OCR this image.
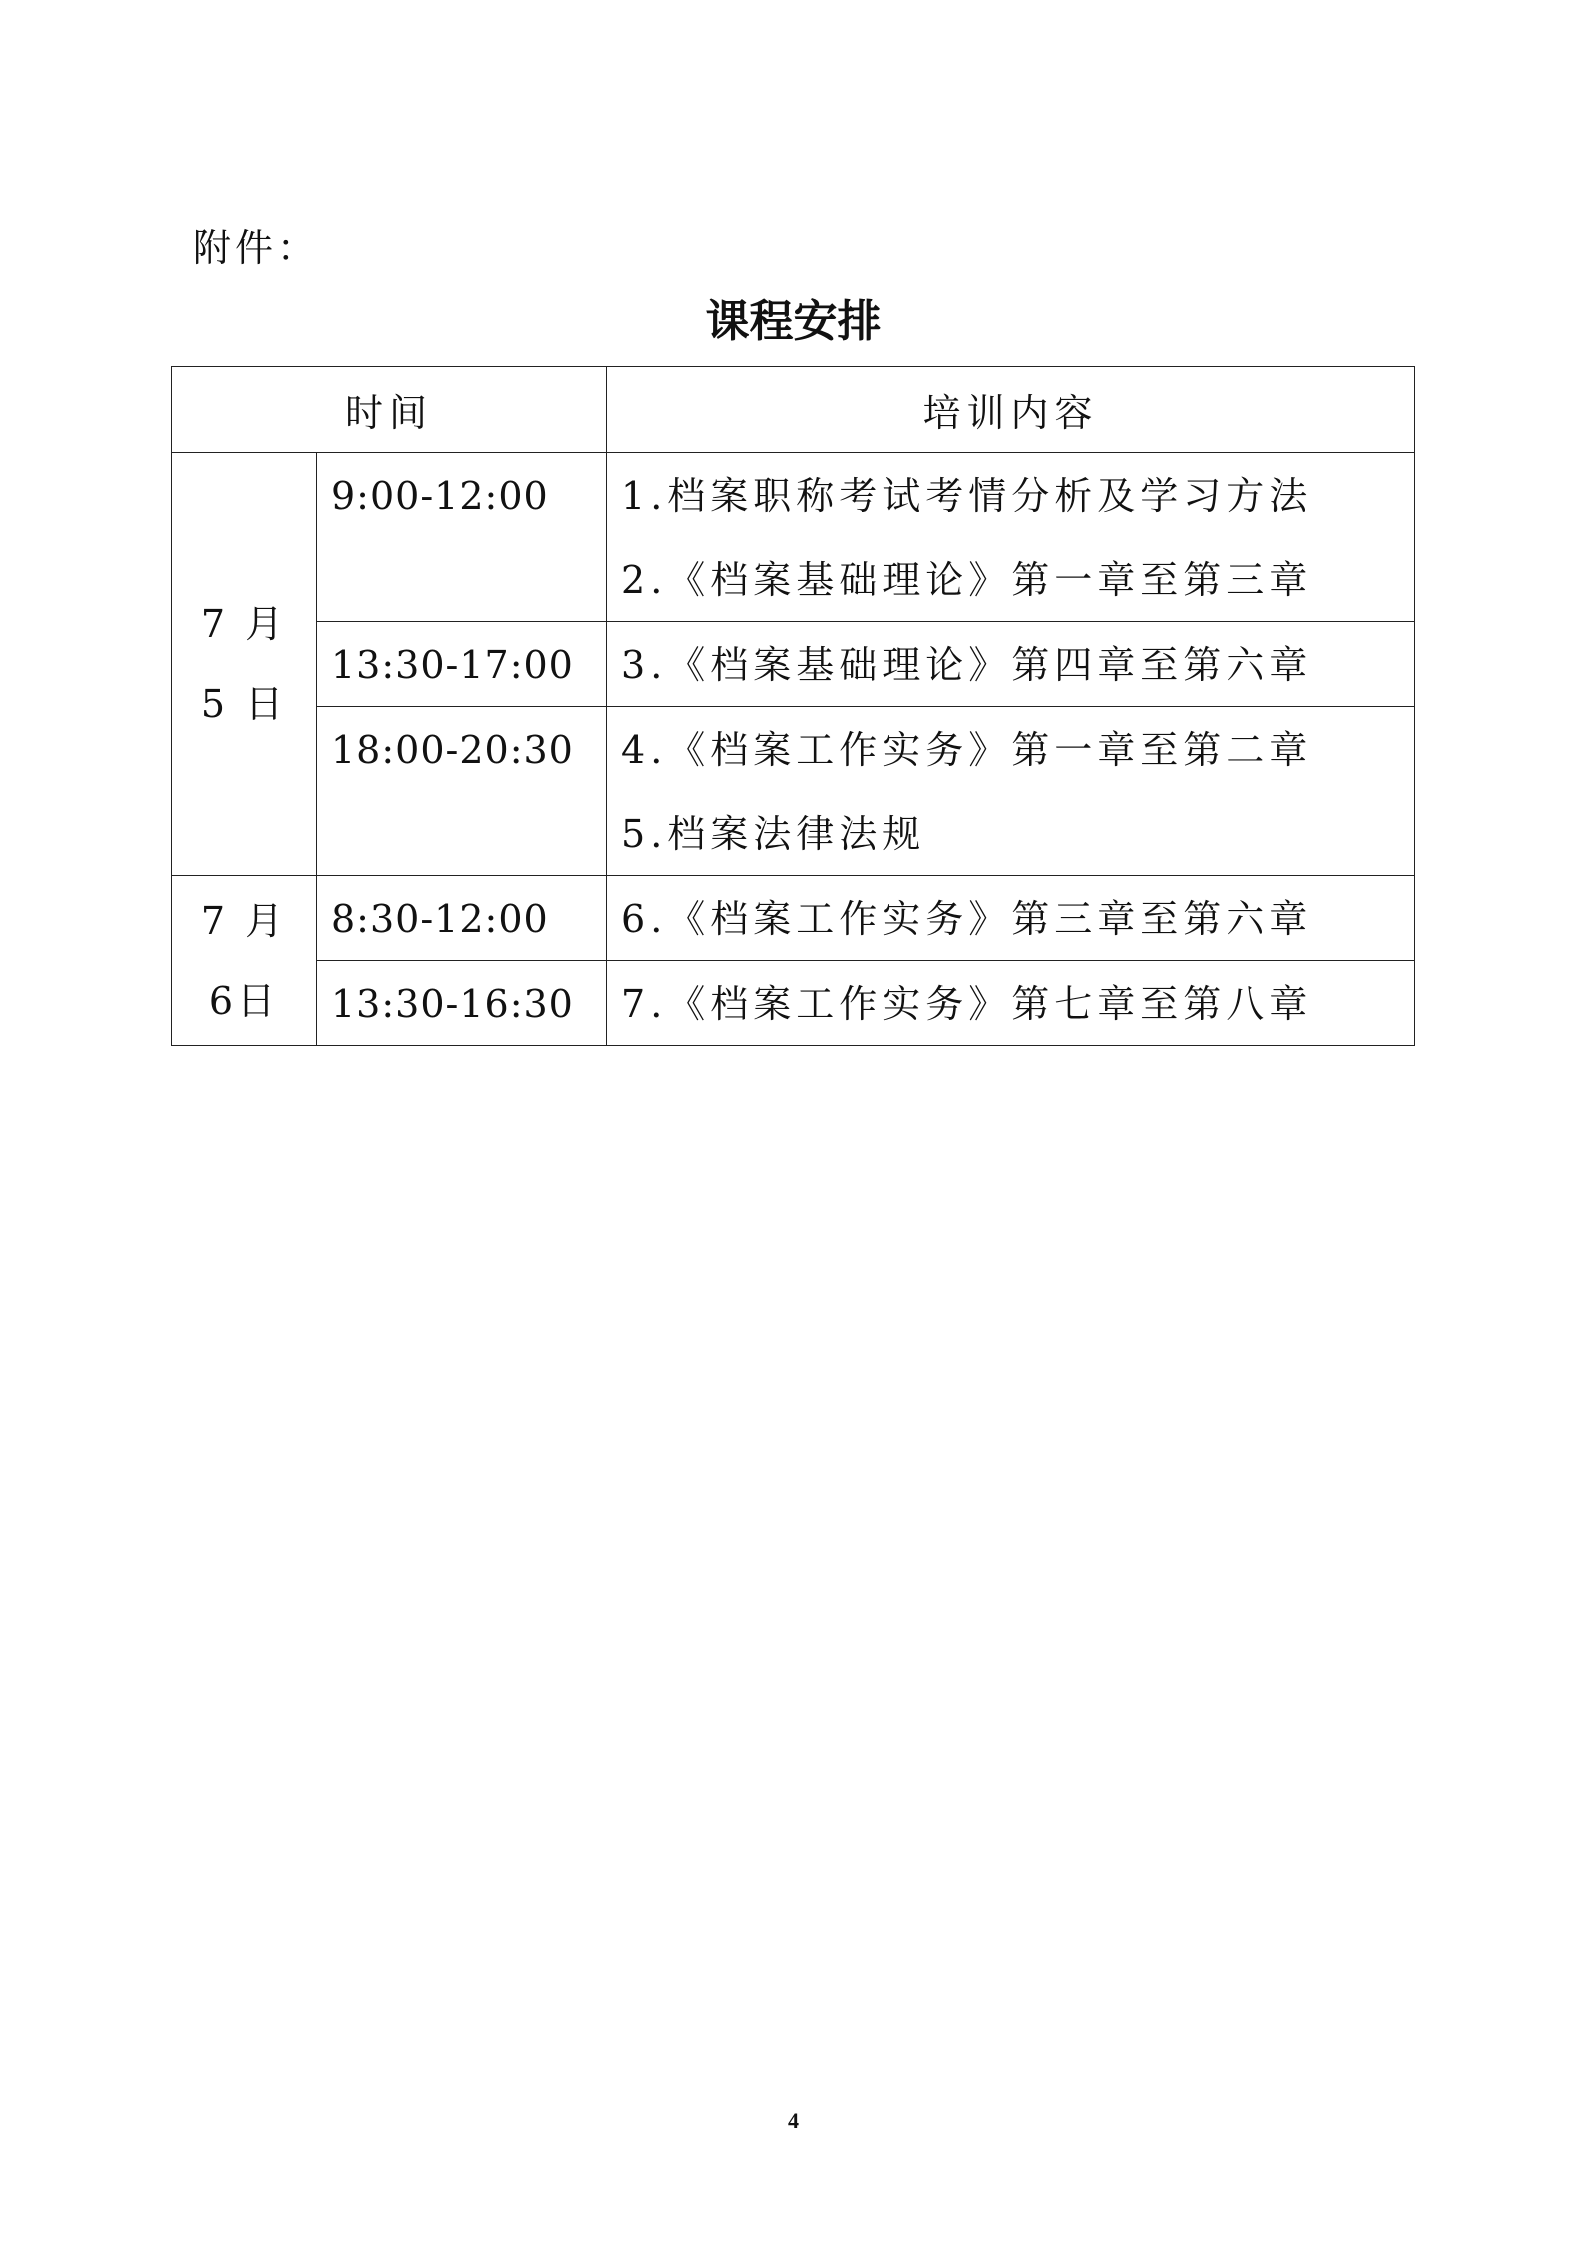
附件：
课程安排
时间		培训内容

7 月
5 日	9:00-12:00	1.档案职称考试考情分析及学习方法
2.《档案基础理论》第一章至第三章

	13:30-17:00	3.《档案基础理论》第四章至第六章

	18:00-20:30	4.《档案工作实务》第一章至第二章
5.档案法律法规

7 月
6日	8:30-12:00	6.《档案工作实务》第三章至第六章

	13:30-16:30	7.《档案工作实务》第七章至第八章
4
